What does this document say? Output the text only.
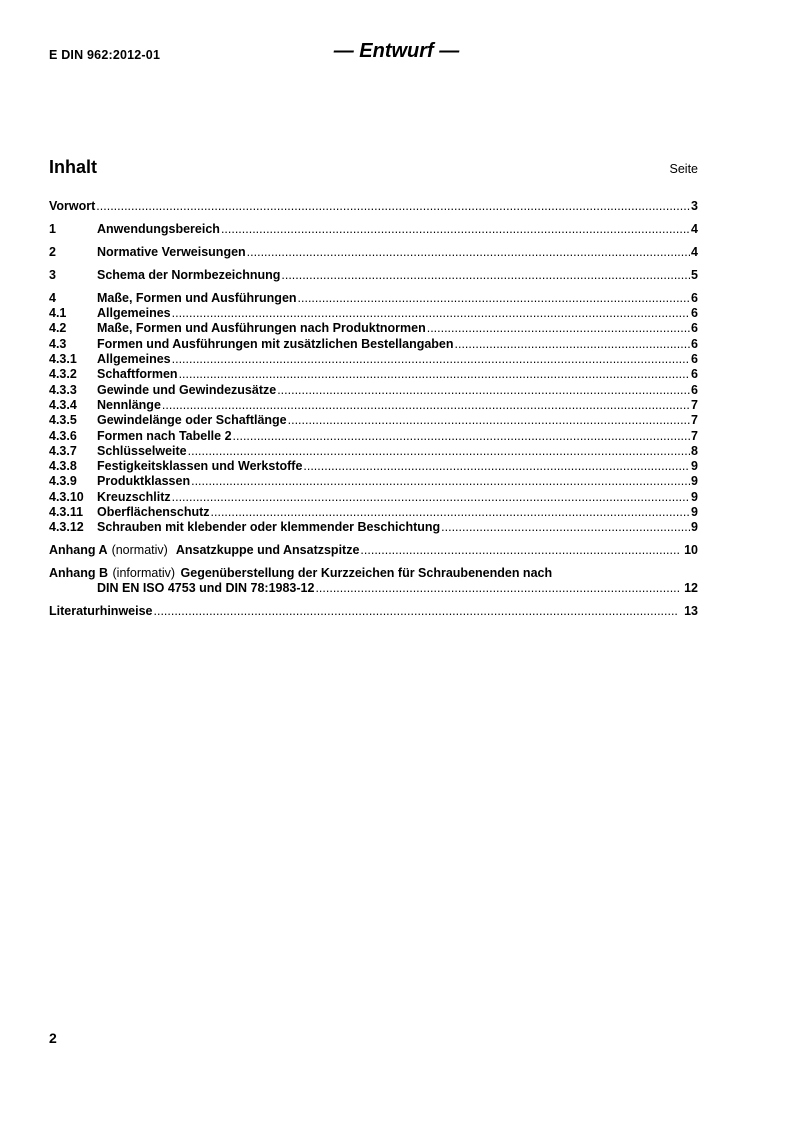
E DIN 962:2012-01	— Entwurf —
Inhalt	Seite
Vorwort .....	3
1	Anwendungsbereich .....	4
2	Normative Verweisungen .....	4
3	Schema der Normbezeichnung .....	5
4	Maße, Formen und Ausführungen .....	6
4.1	Allgemeines .....	6
4.2	Maße, Formen und Ausführungen nach Produktnormen .....	6
4.3	Formen und Ausführungen mit zusätzlichen Bestellangaben .....	6
4.3.1	Allgemeines .....	6
4.3.2	Schaftformen .....	6
4.3.3	Gewinde und Gewindezusätze .....	6
4.3.4	Nennlänge .....	7
4.3.5	Gewindelänge oder Schaftlänge .....	7
4.3.6	Formen nach Tabelle 2 .....	7
4.3.7	Schlüsselweite .....	8
4.3.8	Festigkeitsklassen und Werkstoffe .....	9
4.3.9	Produktklassen .....	9
4.3.10	Kreuzschlitz .....	9
4.3.11	Oberflächenschutz .....	9
4.3.12	Schrauben mit klebender oder klemmender Beschichtung .....	9
Anhang A (normativ) Ansatzkuppe und Ansatzspitze .....	10
Anhang B (informativ) Gegenüberstellung der Kurzzeichen für Schraubenenden nach
DIN EN ISO 4753 und DIN 78:1983-12 .....	12
Literaturhinweise .....	13
2
